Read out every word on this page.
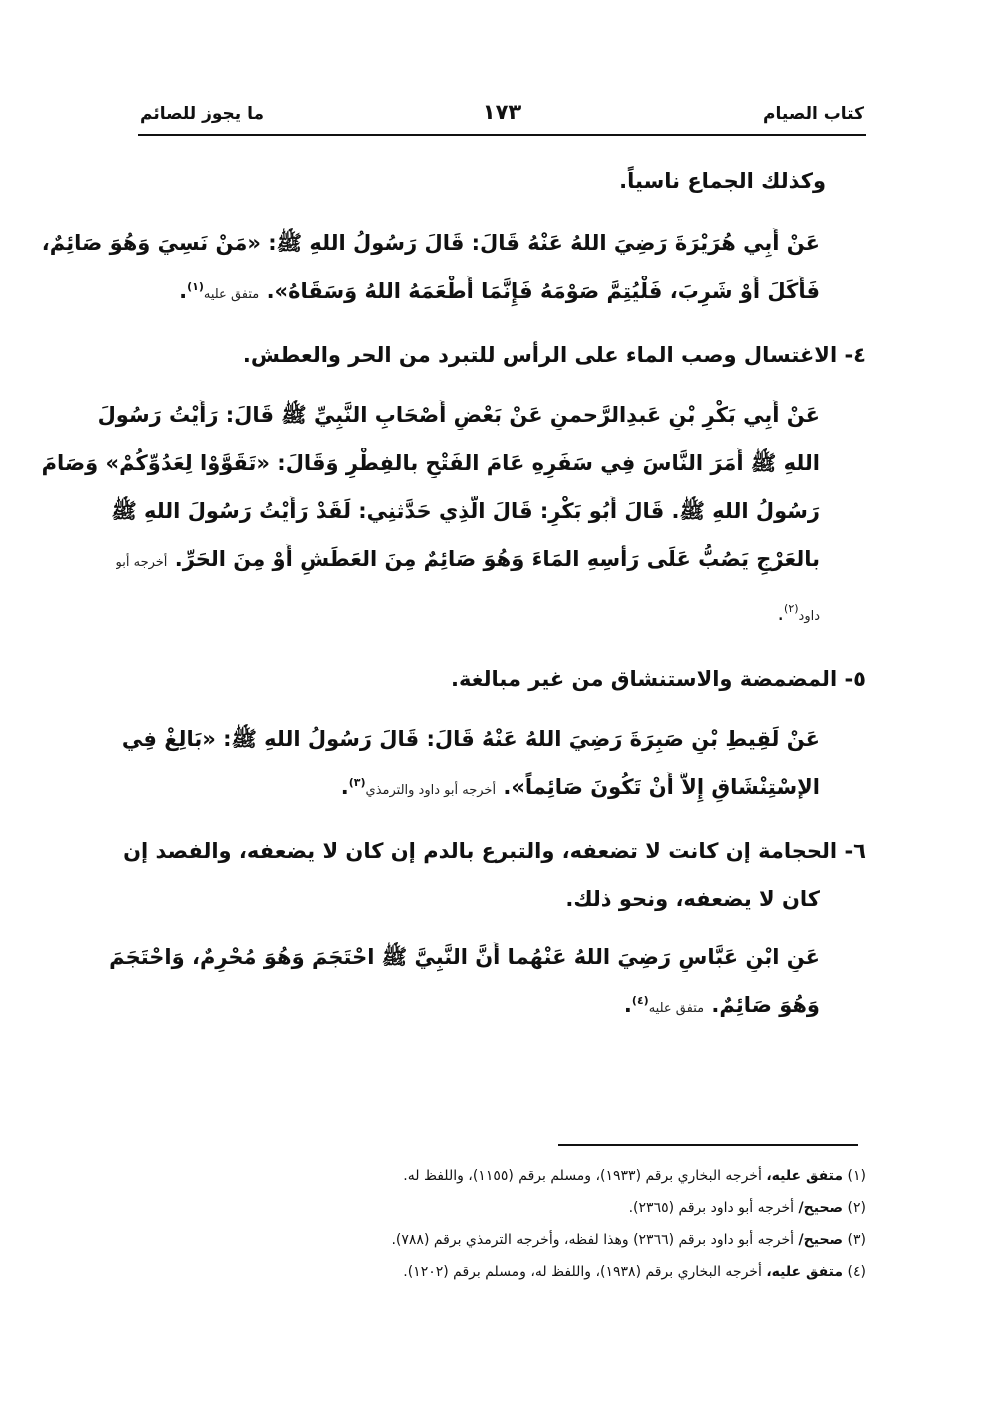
كتاب الصيام
١٧٣
ما يجوز للصائم
وكذلك الجماع ناسياً.
عَنْ أَبِي هُرَيْرَةَ رَضِيَ اللهُ عَنْهُ قَالَ: قَالَ رَسُولُ اللهِ ﷺ: «مَنْ نَسِيَ وَهُوَ صَائِمٌ،
فَأَكَلَ أَوْ شَرِبَ، فَلْيُتِمَّ صَوْمَهُ فَإِنَّمَا أَطْعَمَهُ اللهُ وَسَقَاهُ». متفق عليه$^{(١)}$.
٤- الاغتسال وصب الماء على الرأس للتبرد من الحر والعطش.
عَنْ أَبِي بَكْرِ بْنِ عَبدِالرَّحمنِ عَنْ بَعْضِ أَصْحَابِ النَّبِيِّ ﷺ قَالَ: رَأَيْتُ رَسُولَ
اللهِ ﷺ أَمَرَ النَّاسَ فِي سَفَرِهِ عَامَ الفَتْحِ بالفِطْرِ وَقَالَ: «تَقَوَّوْا لِعَدُوِّكُمْ» وَصَامَ
رَسُولُ اللهِ ﷺ. قَالَ أَبُو بَكْرٍ: قَالَ الَّذِي حَدَّثنِي: لَقَدْ رَأَيْتُ رَسُولَ اللهِ ﷺ
بالعَرْجِ يَصُبُّ عَلَى رَأْسِهِ المَاءَ وَهُوَ صَائِمٌ مِنَ العَطَشِ أَوْ مِنَ الحَرِّ. أخرجه أبو
داود$^{(٢)}$.
٥- المضمضة والاستنشاق من غير مبالغة.
عَنْ لَقِيطِ بْنِ صَبِرَةَ رَضِيَ اللهُ عَنْهُ قَالَ: قَالَ رَسُولُ اللهِ ﷺ: «بَالِغْ فِي
الإسْتِنْشَاقِ إِلاَّ أَنْ تَكُونَ صَائِماً». أخرجه أبو داود والترمذي$^{(٣)}$.
٦- الحجامة إن كانت لا تضعفه، والتبرع بالدم إن كان لا يضعفه، والفصد إن
كان لا يضعفه، ونحو ذلك.
عَنِ ابْنِ عَبَّاسٍ رَضِيَ اللهُ عَنْهُما أَنَّ النَّبِيَّ ﷺ احْتَجَمَ وَهُوَ مُحْرِمٌ، وَاحْتَجَمَ
وَهُوَ صَائِمٌ. متفق عليه$^{(٤)}$.
(١) متفق عليه، أخرجه البخاري برقم (١٩٣٣)، ومسلم برقم (١١٥٥)، واللفظ له.
(٢) صحيح/ أخرجه أبو داود برقم (٢٣٦٥).
(٣) صحيح/ أخرجه أبو داود برقم (٢٣٦٦) وهذا لفظه، وأخرجه الترمذي برقم (٧٨٨).
(٤) متفق عليه، أخرجه البخاري برقم (١٩٣٨)، واللفظ له، ومسلم برقم (١٢٠٢).
